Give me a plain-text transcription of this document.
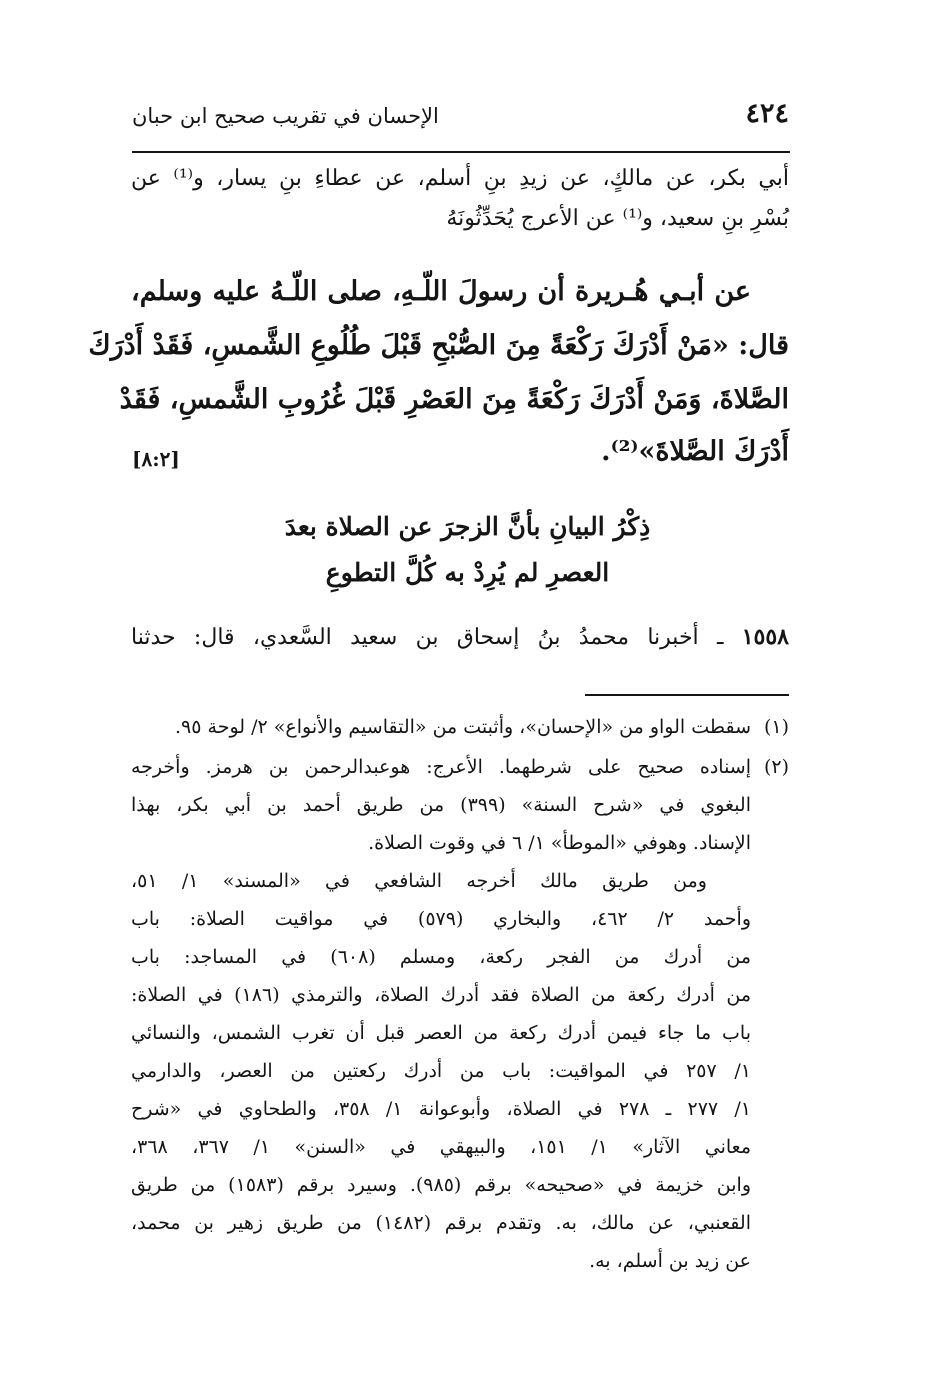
٤٢٤
الإحسان في تقريب صحيح ابن حبان
أبي بكر، عن مالكٍ، عن زيدِ بنِ أسلم، عن عطاءِ بنِ يسار، و⁽¹⁾ عن
بُسْرِ بنِ سعيد، و⁽¹⁾ عن الأعرج يُحَدِّثُونَهُ
عن أبـي هُـريرة أن رسولَ اللّـهِ، صلى اللّـهُ عليه وسلم،
قال: «مَنْ أَدْرَكَ رَكْعَةً مِنَ الصُّبْحِ قَبْلَ طُلُوعِ الشَّمسِ، فَقَدْ أَدْرَكَ
الصَّلاةَ، وَمَنْ أَدْرَكَ رَكْعَةً مِنَ العَصْرِ قَبْلَ غُرُوبِ الشَّمسِ، فَقَدْ
أَدْرَكَ الصَّلاةَ»⁽²⁾.
[٨:٢]
ذِكْرُ البيانِ بأنَّ الزجرَ عن الصلاة بعدَ
العصرِ لم يُرِدْ به كُلَّ التطوعِ
١٥٥٨ ـ أخبرنا محمدُ بنُ إسحاق بن سعيد السَّعدي، قال: حدثنا
(١)
سقطت الواو من «الإحسان»، وأثبتت من «التقاسيم والأنواع» ٢/ لوحة ٩٥.
(٢)
إسناده صحيح على شرطهما. الأعرج: هوعبدالرحمن بن هرمز. وأخرجه
البغوي في «شرح السنة» (٣٩٩) من طريق أحمد بن أبي بكر، بهذا
الإسناد. وهوفي «الموطأ» ١/ ٦ في وقوت الصلاة.
ومن طريق مالك أخرجه الشافعي في «المسند» ١/ ٥١،
وأحمد ٢/ ٤٦٢، والبخاري (٥٧٩) في مواقيت الصلاة: باب
من أدرك من الفجر ركعة، ومسلم (٦٠٨) في المساجد: باب
من أدرك ركعة من الصلاة فقد أدرك الصلاة، والترمذي (١٨٦) في الصلاة:
باب ما جاء فيمن أدرك ركعة من العصر قبل أن تغرب الشمس، والنسائي
١/ ٢٥٧ في المواقيت: باب من أدرك ركعتين من العصر، والدارمي
١/ ٢٧٧ ـ ٢٧٨ في الصلاة، وأبوعوانة ١/ ٣٥٨، والطحاوي في «شرح
معاني الآثار» ١/ ١٥١، والبيهقي في «السنن» ١/ ٣٦٧، ٣٦٨،
وابن خزيمة في «صحيحه» برقم (٩٨٥). وسيرد برقم (١٥٨٣) من طريق
القعنبي، عن مالك، به. وتقدم برقم (١٤٨٢) من طريق زهير بن محمد،
عن زيد بن أسلم، به.
